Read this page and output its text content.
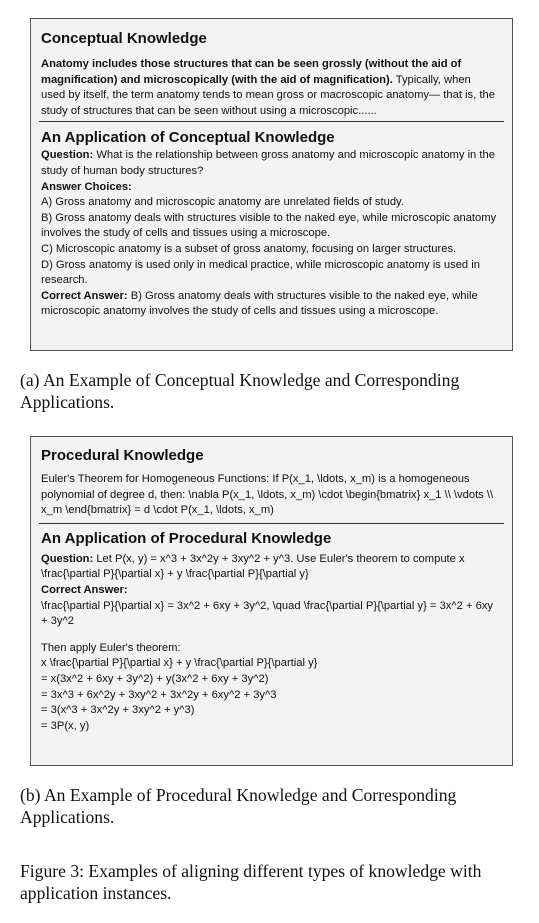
Conceptual Knowledge

Anatomy includes those structures that can be seen grossly (without the aid of magnification) and microscopically (with the aid of magnification). Typically, when used by itself, the term anatomy tends to mean gross or macroscopic anatomy— that is, the study of structures that can be seen without using a microscopic......

An Application of Conceptual Knowledge

Question: What is the relationship between gross anatomy and microscopic anatomy in the study of human body structures?

Answer Choices:

A) Gross anatomy and microscopic anatomy are unrelated fields of study.

B) Gross anatomy deals with structures visible to the naked eye, while microscopic anatomy involves the study of cells and tissues using a microscope.

C) Microscopic anatomy is a subset of gross anatomy, focusing on larger structures.

D) Gross anatomy is used only in medical practice, while microscopic anatomy is used in research.

Correct Answer: B) Gross anatomy deals with structures visible to the naked eye, while microscopic anatomy involves the study of cells and tissues using a microscope.

(a) An Example of Conceptual Knowledge and Corresponding Applications.

Procedural Knowledge

Euler's Theorem for Homogeneous Functions: If P(x_1, \ldots, x_m) is a homogeneous polynomial of degree d, then: \nabla P(x_1, \ldots, x_m) \cdot \begin{bmatrix} x_1 \\ \vdots \\ x_m \end{bmatrix} = d \cdot P(x_1, \ldots, x_m)

An Application of Procedural Knowledge

Question: Let P(x, y) = x^3 + 3x^2y + 3xy^2 + y^3. Use Euler's theorem to compute x \frac{\partial P}{\partial x} + y \frac{\partial P}{\partial y}

Correct Answer:

\frac{\partial P}{\partial x} = 3x^2 + 6xy + 3y^2, \quad \frac{\partial P}{\partial y} = 3x^2 + 6xy + 3y^2

Then apply Euler's theorem:

x \frac{\partial P}{\partial x} + y \frac{\partial P}{\partial y}

= x(3x^2 + 6xy + 3y^2) + y(3x^2 + 6xy + 3y^2)

= 3x^3 + 6x^2y + 3xy^2 + 3x^2y + 6xy^2 + 3y^3

= 3(x^3 + 3x^2y + 3xy^2 + y^3)

= 3P(x, y)

(b) An Example of Procedural Knowledge and Corresponding Applications.
Figure 3: Examples of aligning different types of knowledge with application instances.
